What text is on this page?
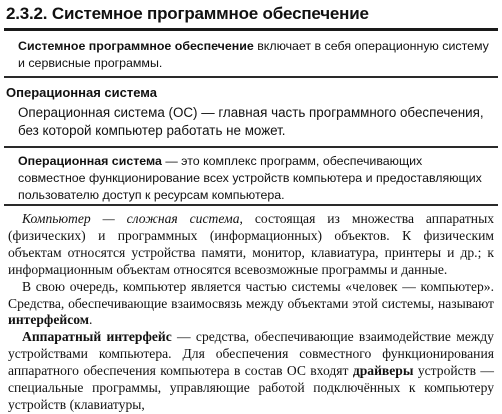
2.3.2. Системное программное обеспечение
Системное программное обеспечение включает в себя операционную систему и сервисные программы.
Операционная система
Операционная система (ОС) — главная часть программного обеспечения, без которой компьютер работать не может.
Операционная система — это комплекс программ, обеспечивающих совместное функционирование всех устройств компьютера и предоставляющих пользователю доступ к ресурсам компьютера.

Компьютер — сложная система, состоящая из множества аппаратных (физических) и программных (информационных) объектов. К физическим объектам относятся устройства памяти, монитор, клавиатура, принтеры и др.; к информационным объектам относятся всевозможные программы и данные.

В свою очередь, компьютер является частью системы «человек — компьютер». Средства, обеспечивающие взаимосвязь между объектами этой системы, называют интерфейсом.

Аппаратный интерфейс — средства, обеспечивающие взаимодействие между устройствами компьютера. Для обеспечения совместного функционирования аппаратного обеспечения компьютера в состав ОС входят драйверы устройств — специальные программы, управляющие работой подключённых к компьютеру устройств (клавиатуры,
